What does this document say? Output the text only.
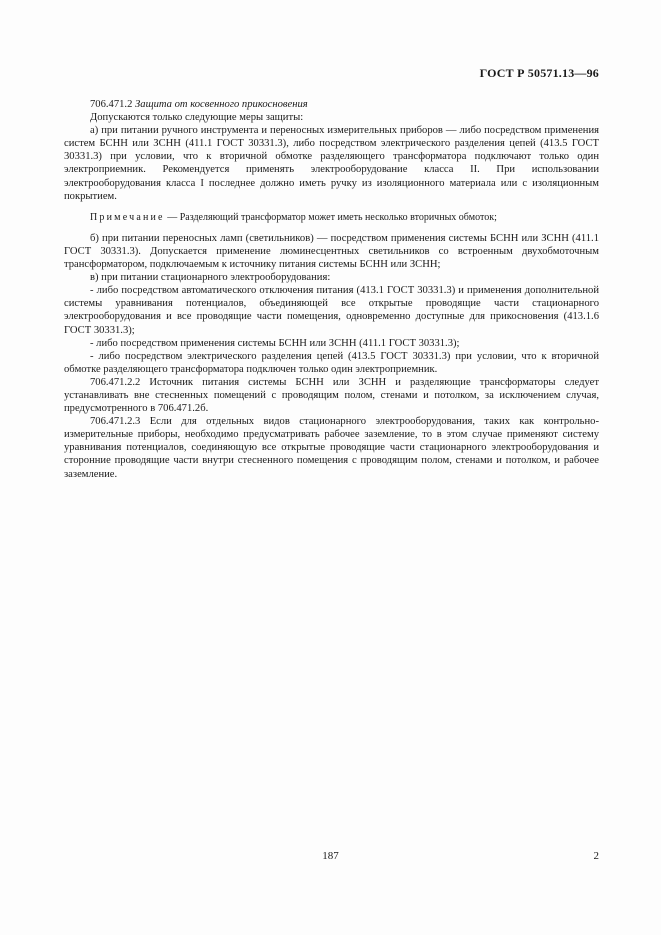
ГОСТ Р 50571.13—96

706.471.2 Защита от косвенного прикосновения

Допускаются только следующие меры защиты:

а) при питании ручного инструмента и переносных измерительных приборов — либо посредством применения систем БСНН или ЗСНН (411.1 ГОСТ 30331.3), либо посредством электрического разделения цепей (413.5 ГОСТ 30331.3) при условии, что к вторичной обмотке разделяющего трансформатора подключают только один электроприемник. Рекомендуется применять электрооборудование класса II. При использовании электрооборудования класса I последнее должно иметь ручку из изоляционного материала или с изоляционным покрытием.

Примечание — Разделяющий трансформатор может иметь несколько вторичных обмоток;

б) при питании переносных ламп (светильников) — посредством применения системы БСНН или ЗСНН (411.1 ГОСТ 30331.3). Допускается применение люминесцентных светильников со встроенным двухобмоточным трансформатором, подключаемым к источнику питания системы БСНН или ЗСНН;

в) при питании стационарного электрооборудования:

- либо посредством автоматического отключения питания (413.1 ГОСТ 30331.3) и применения дополнительной системы уравнивания потенциалов, объединяющей все открытые проводящие части стационарного электрооборудования и все проводящие части помещения, одновременно доступные для прикосновения (413.1.6 ГОСТ 30331.3);

- либо посредством применения системы БСНН или ЗСНН (411.1 ГОСТ 30331.3);

- либо посредством электрического разделения цепей (413.5 ГОСТ 30331.3) при условии, что к вторичной обмотке разделяющего трансформатора подключен только один электроприемник.

706.471.2.2 Источник питания системы БСНН или ЗСНН и разделяющие трансформаторы следует устанавливать вне стесненных помещений с проводящим полом, стенами и потолком, за исключением случая, предусмотренного в 706.471.2б.

706.471.2.3 Если для отдельных видов стационарного электрооборудования, таких как контрольно-измерительные приборы, необходимо предусматривать рабочее заземление, то в этом случае применяют систему уравнивания потенциалов, соединяющую все открытые проводящие части стационарного электрооборудования и сторонние проводящие части внутри стесненного помещения с проводящим полом, стенами и потолком, и рабочее заземление.

187	2
